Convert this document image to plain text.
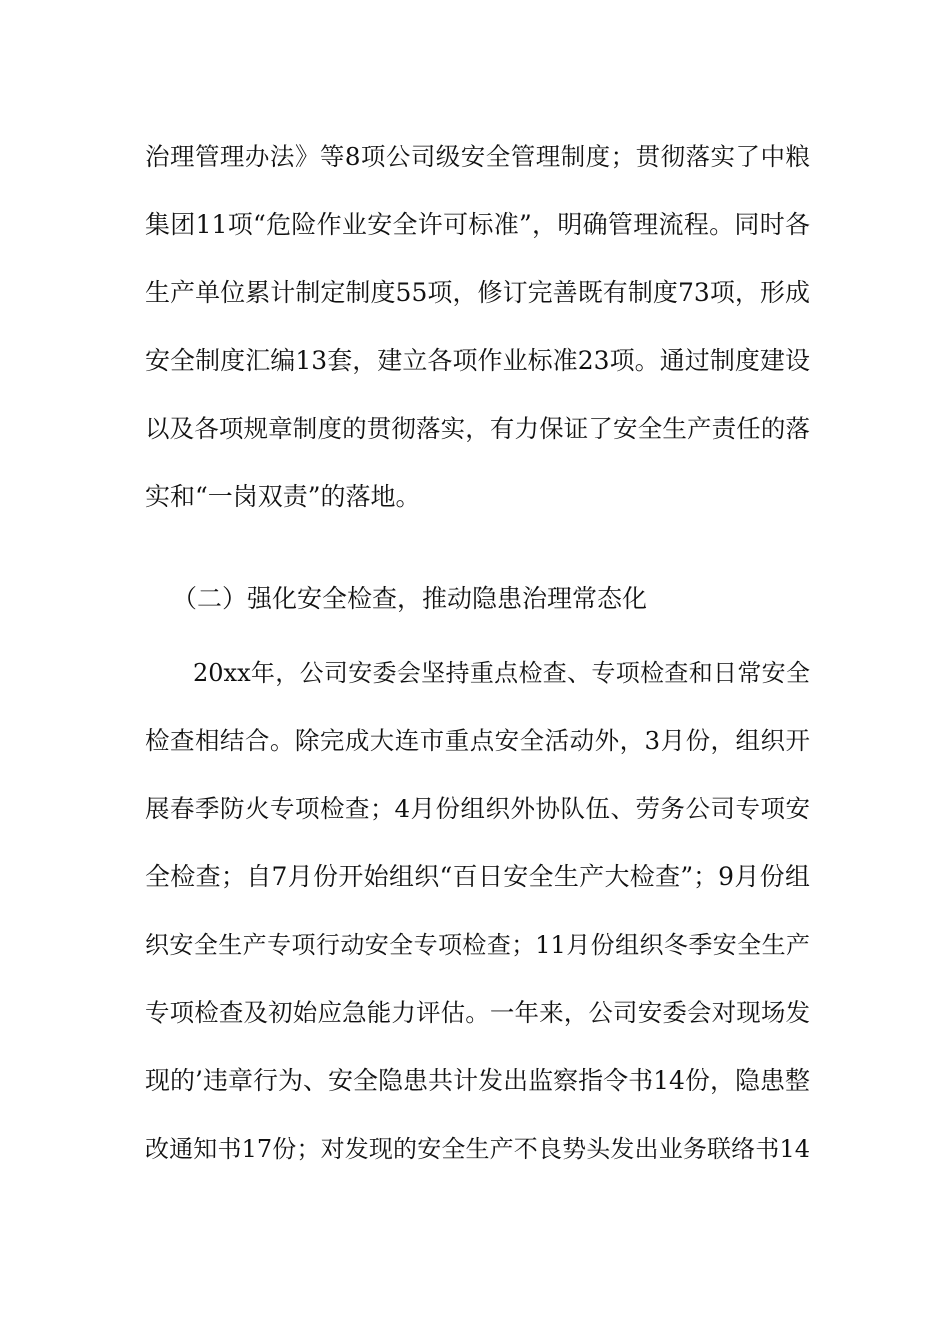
治理管理办法》等8项公司级安全管理制度；贯彻落实了中粮
集团11项“危险作业安全许可标准”，明确管理流程。同时各
生产单位累计制定制度55项，修订完善既有制度73项，形成
安全制度汇编13套，建立各项作业标准23项。通过制度建设
以及各项规章制度的贯彻落实，有力保证了安全生产责任的落
实和“一岗双责”的落地。
（二）强化安全检查，推动隐患治理常态化
20xx年，公司安委会坚持重点检查、专项检查和日常安全
检查相结合。除完成大连市重点安全活动外，3月份，组织开
展春季防火专项检查；4月份组织外协队伍、劳务公司专项安
全检查；自7月份开始组织“百日安全生产大检查”；9月份组
织安全生产专项行动安全专项检查；11月份组织冬季安全生产
专项检查及初始应急能力评估。一年来，公司安委会对现场发
现的’违章行为、安全隐患共计发出监察指令书14份，隐患整
改通知书17份；对发现的安全生产不良势头发出业务联络书14
